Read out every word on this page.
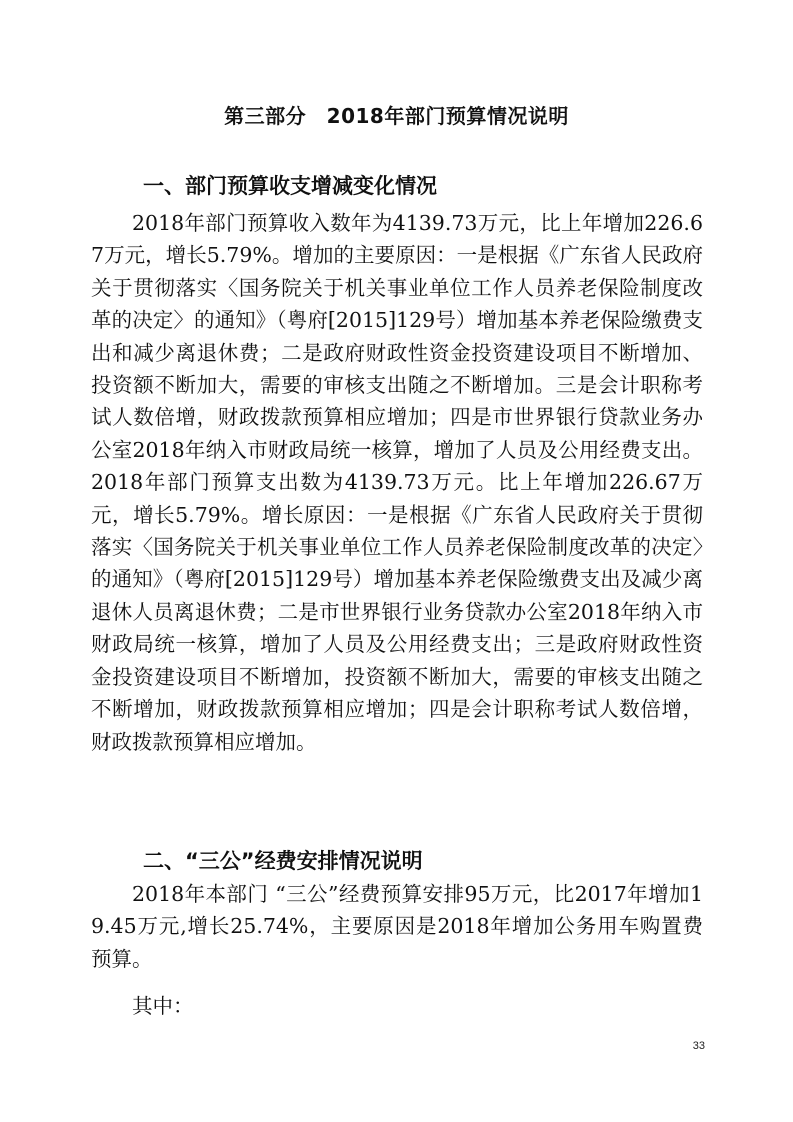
第三部分　2018年部门预算情况说明
一、部门预算收支增减变化情况
2018年部门预算收入数年为4139.73万元，比上年增加226.67万元，增长5.79%。增加的主要原因：一是根据《广东省人民政府关于贯彻落实〈国务院关于机关事业单位工作人员养老保险制度改革的决定〉的通知》（粤府[2015]129号）增加基本养老保险缴费支出和减少离退休费；二是政府财政性资金投资建设项目不断增加、投资额不断加大，需要的审核支出随之不断增加。三是会计职称考试人数倍增，财政拨款预算相应增加；四是市世界银行贷款业务办公室2018年纳入市财政局统一核算，增加了人员及公用经费支出。2018年部门预算支出数为4139.73万元。比上年增加226.67万元，增长5.79%。增长原因：一是根据《广东省人民政府关于贯彻落实〈国务院关于机关事业单位工作人员养老保险制度改革的决定〉的通知》（粤府[2015]129号）增加基本养老保险缴费支出及减少离退休人员离退休费；二是市世界银行业务贷款办公室2018年纳入市财政局统一核算，增加了人员及公用经费支出；三是政府财政性资金投资建设项目不断增加，投资额不断加大，需要的审核支出随之不断增加，财政拨款预算相应增加；四是会计职称考试人数倍增，财政拨款预算相应增加。
二、“三公”经费安排情况说明
2018年本部门 “三公”经费预算安排95万元，比2017年增加19.45万元,增长25.74%，主要原因是2018年增加公务用车购置费预算。
其中：
33
